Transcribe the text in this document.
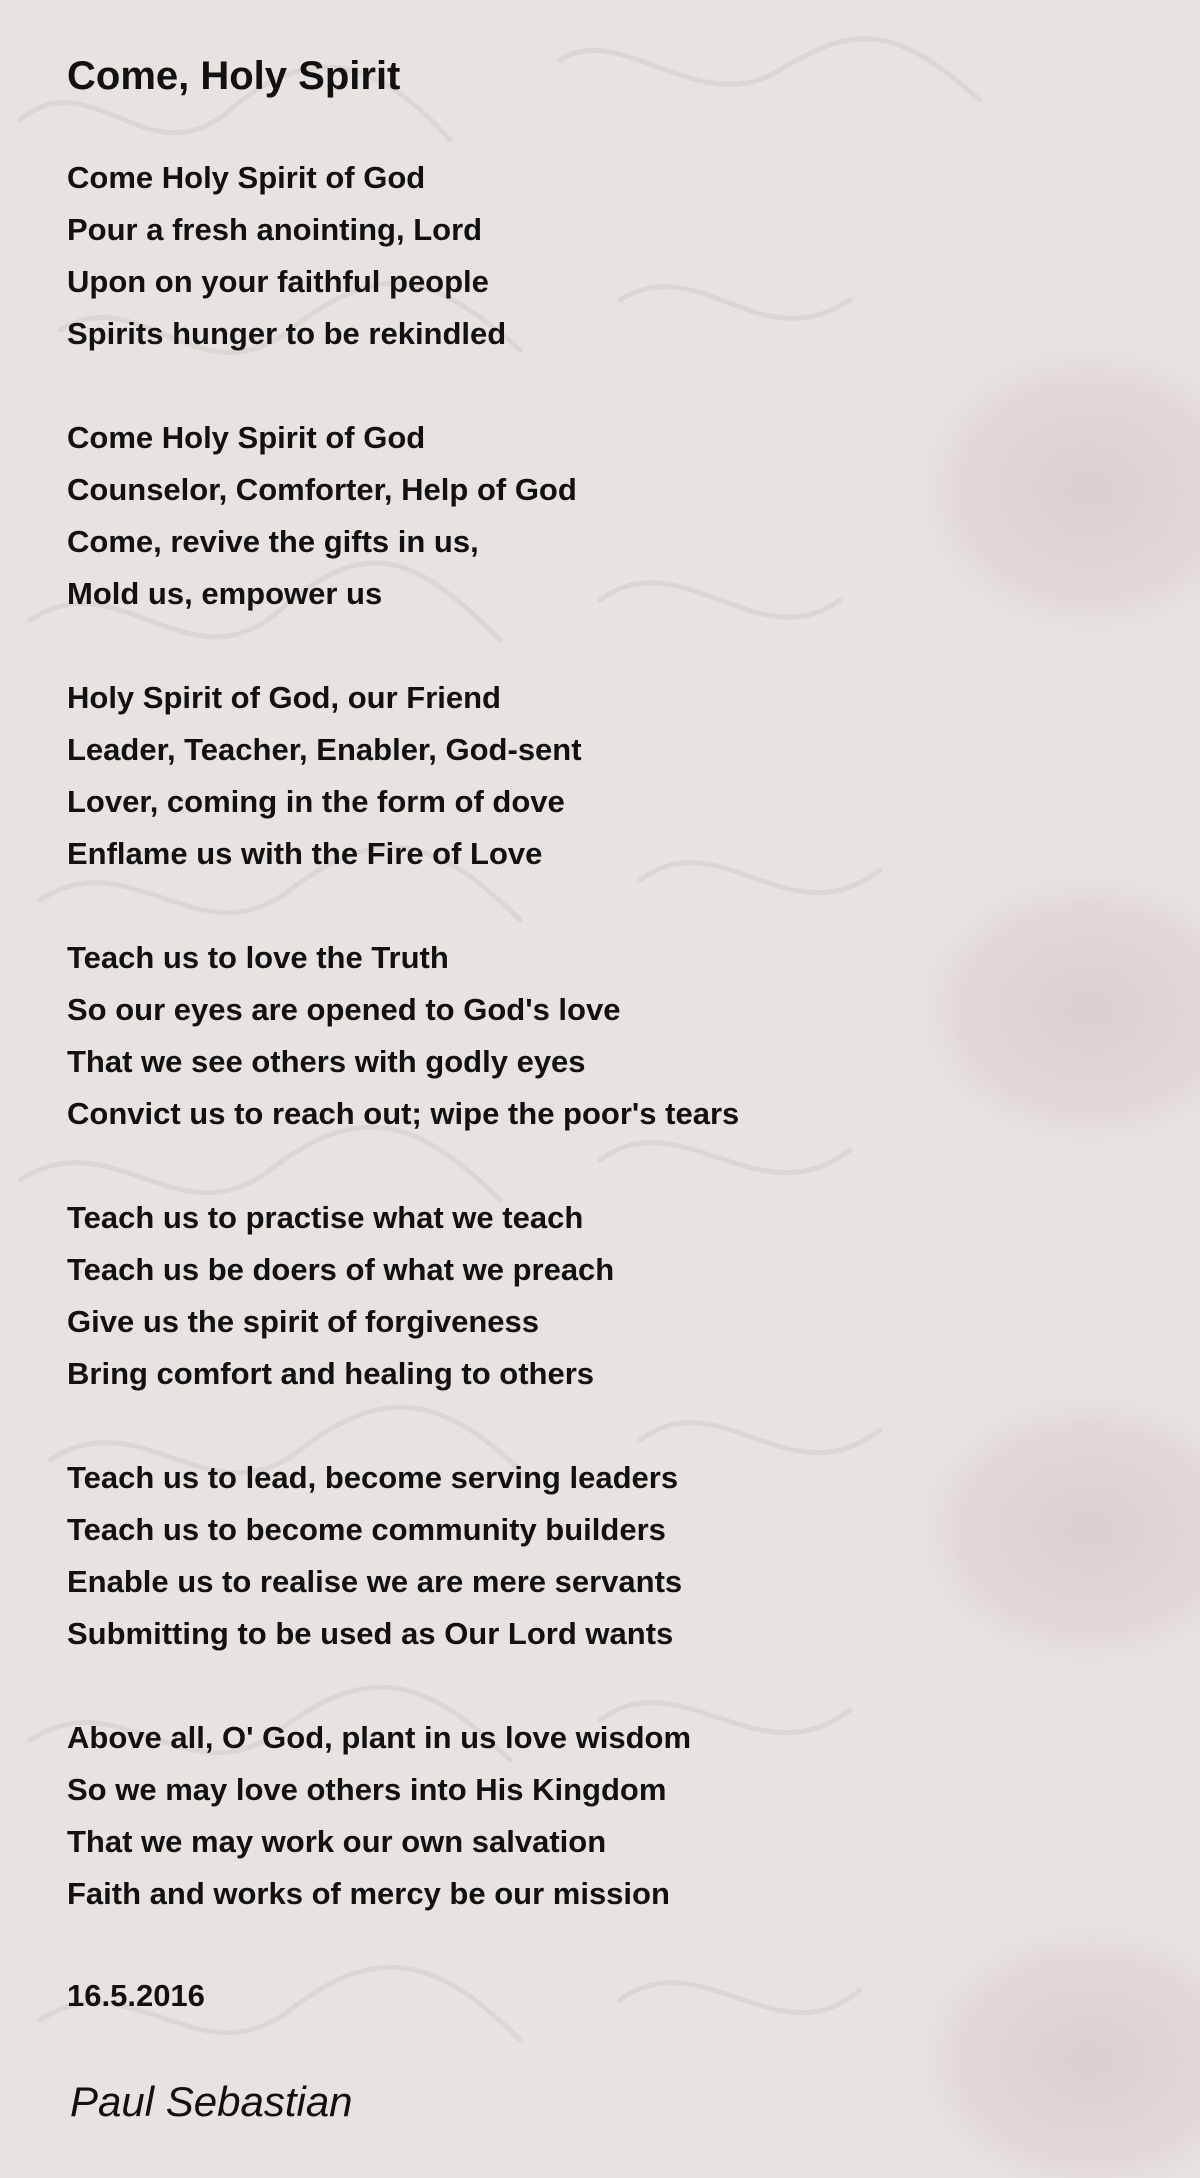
Come, Holy Spirit
Come Holy Spirit of God
Pour a fresh anointing, Lord
Upon on your faithful people
Spirits hunger to be rekindled
Come Holy Spirit of God
Counselor, Comforter, Help of God
Come, revive the gifts in us,
Mold us, empower us
Holy Spirit of God, our Friend
Leader, Teacher, Enabler, God-sent
Lover, coming in the form of dove
Enflame us with the Fire of Love
Teach us to love the Truth
So our eyes are opened to God's love
That we see others with godly eyes
Convict us to reach out; wipe the poor's tears
Teach us to practise what we teach
Teach us be doers of what we preach
Give us the spirit of forgiveness
Bring comfort and healing to others
Teach us to lead, become serving leaders
Teach us to become community builders
Enable us to realise we are mere servants
Submitting to be used as Our Lord wants
Above all, O' God, plant in us love wisdom
So we may love others into His Kingdom
That we may work our own salvation
Faith and works of mercy be our mission
16.5.2016
Paul Sebastian
